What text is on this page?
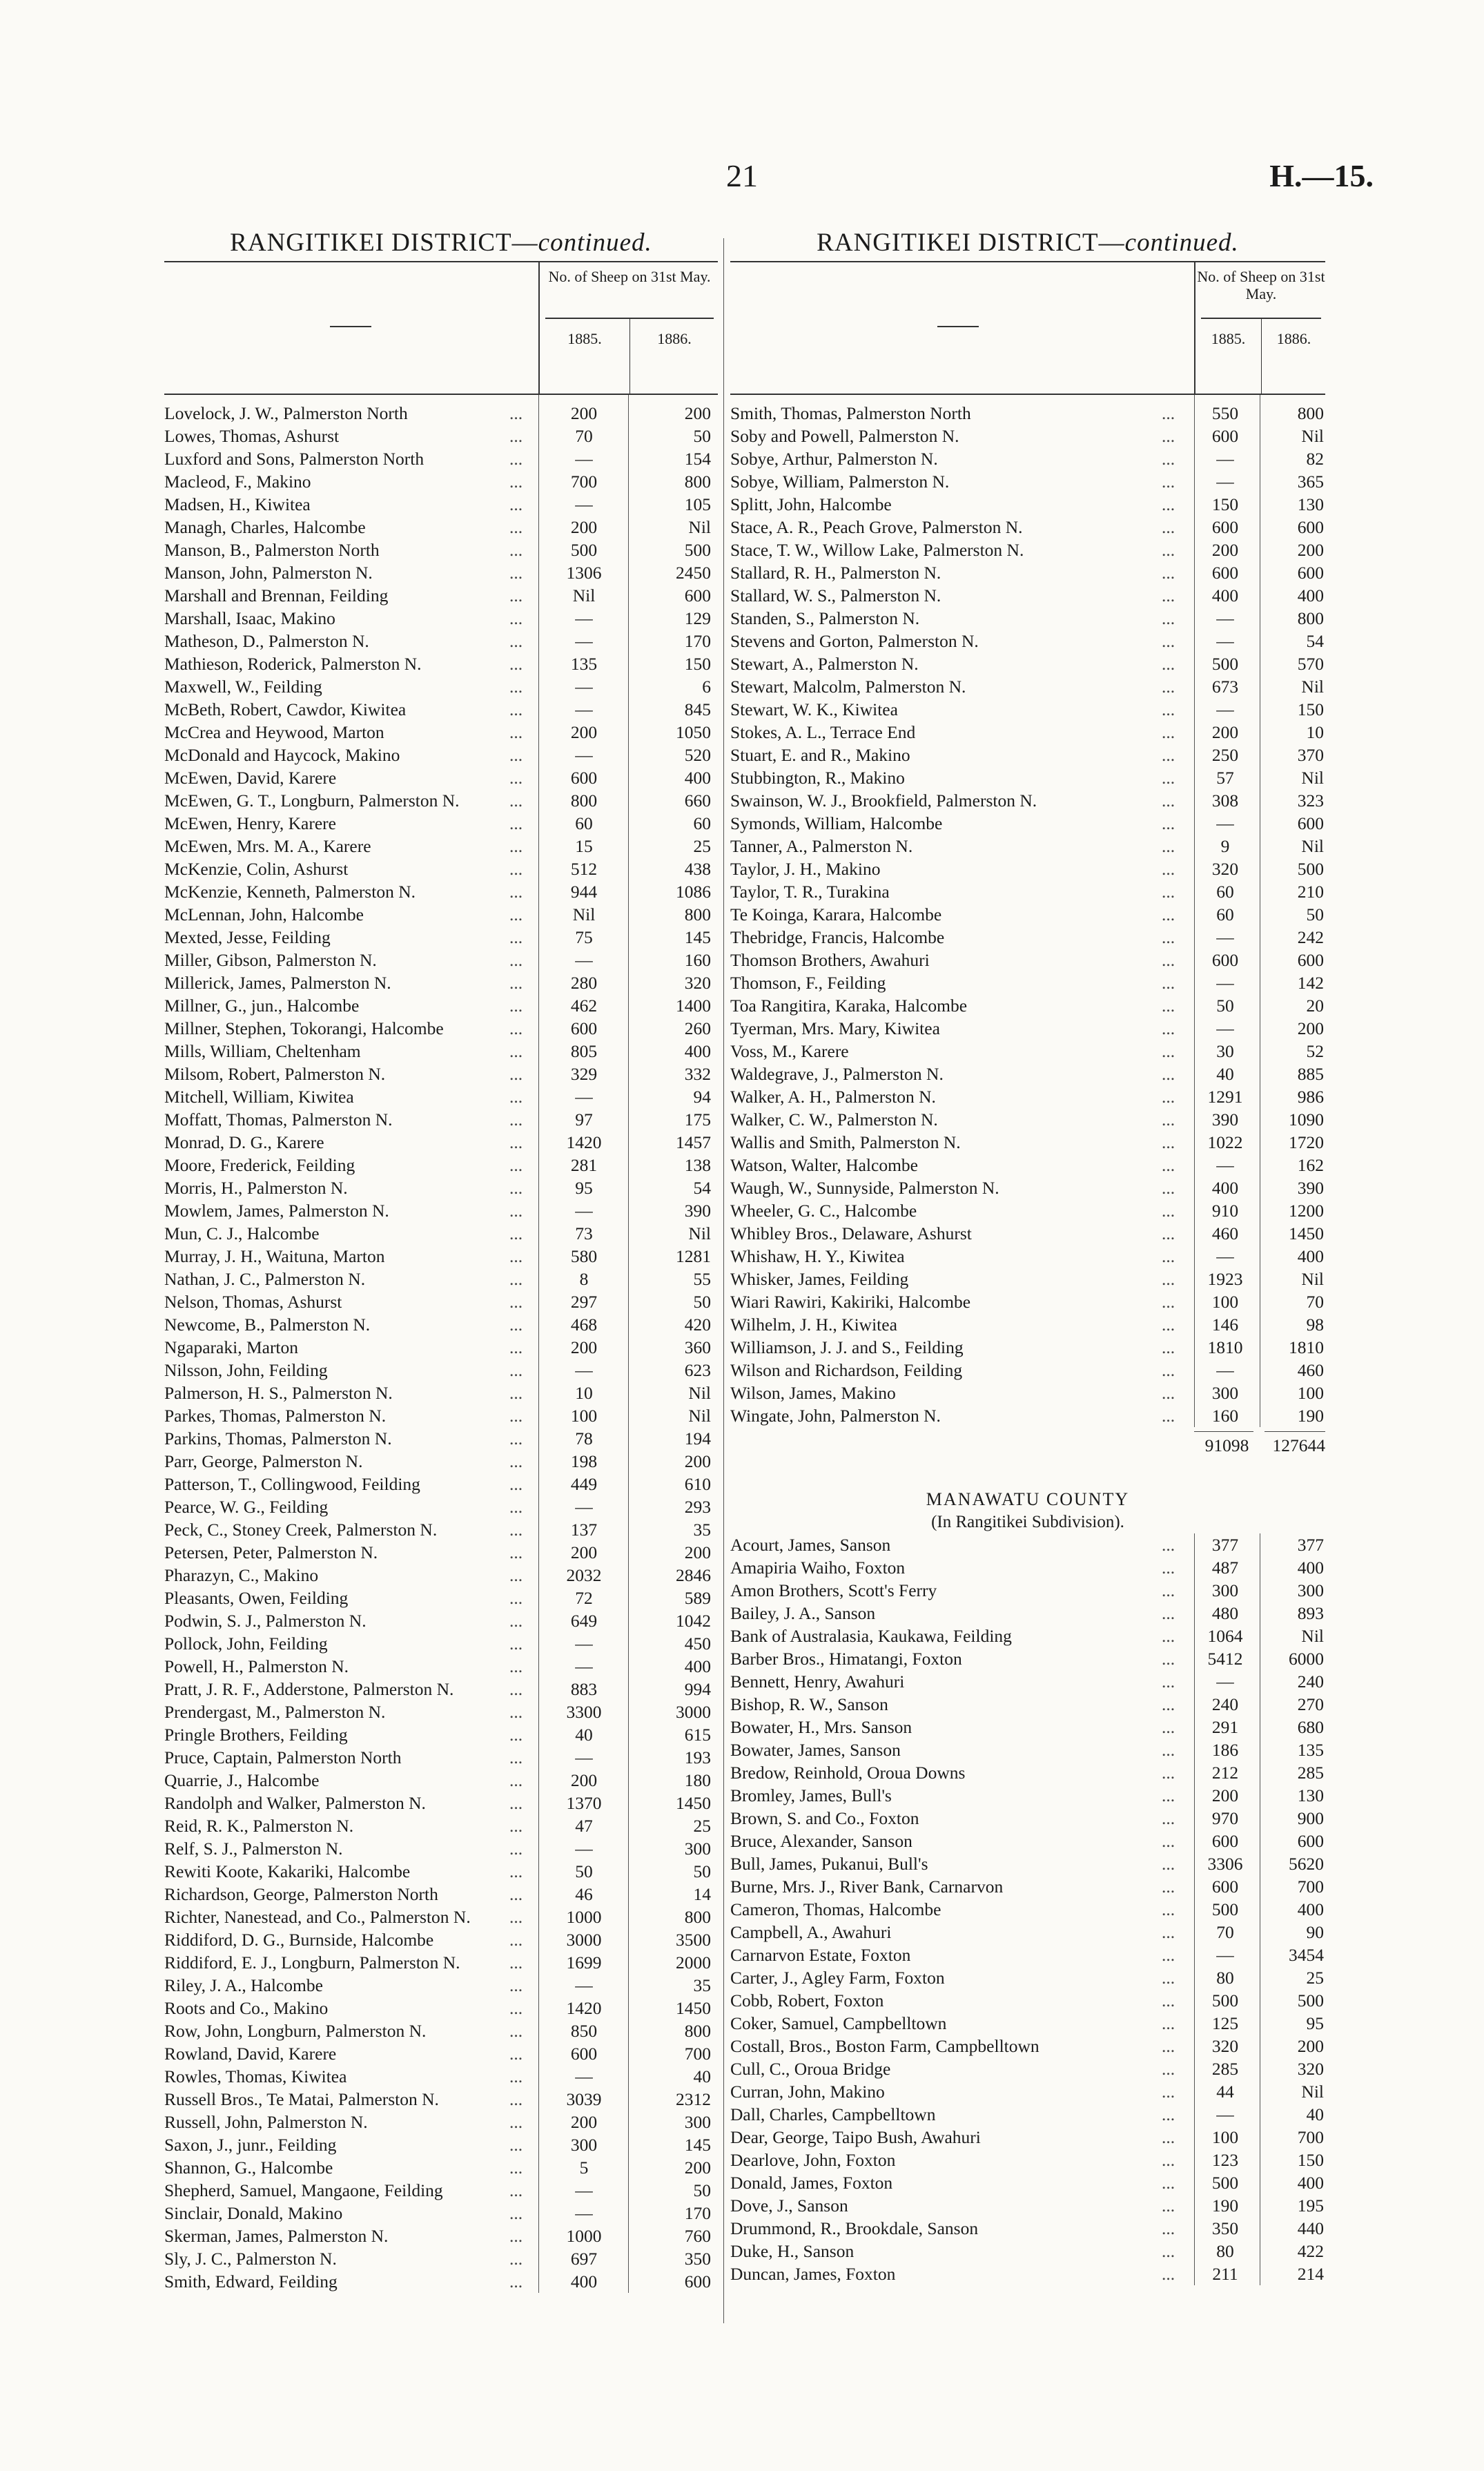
21	H.—15.
RANGITIKEI DISTRICT—continued.
No. of Sheep on 31st May.
1885.	1886.
Lovelock, J. W., Palmerston North	...	200	200
Lowes, Thomas, Ashurst	...	70	50
Luxford and Sons, Palmerston North	...	—	154
Macleod, F., Makino	...	700	800
Madsen, H., Kiwitea	...	—	105
Managh, Charles, Halcombe	...	200	Nil
Manson, B., Palmerston North	...	500	500
Manson, John, Palmerston N.	...	1306	2450
Marshall and Brennan, Feilding	...	Nil	600
Marshall, Isaac, Makino	...	—	129
Matheson, D., Palmerston N.	...	—	170
Mathieson, Roderick, Palmerston N.	...	135	150
Maxwell, W., Feilding	...	—	6
McBeth, Robert, Cawdor, Kiwitea	...	—	845
McCrea and Heywood, Marton	...	200	1050
McDonald and Haycock, Makino	...	—	520
McEwen, David, Karere	...	600	400
McEwen, G. T., Longburn, Palmerston N.	...	800	660
McEwen, Henry, Karere	...	60	60
McEwen, Mrs. M. A., Karere	...	15	25
McKenzie, Colin, Ashurst	...	512	438
McKenzie, Kenneth, Palmerston N.	...	944	1086
McLennan, John, Halcombe	...	Nil	800
Mexted, Jesse, Feilding	...	75	145
Miller, Gibson, Palmerston N.	...	—	160
Millerick, James, Palmerston N.	...	280	320
Millner, G., jun., Halcombe	...	462	1400
Millner, Stephen, Tokorangi, Halcombe	...	600	260
Mills, William, Cheltenham	...	805	400
Milsom, Robert, Palmerston N.	...	329	332
Mitchell, William, Kiwitea	...	—	94
Moffatt, Thomas, Palmerston N.	...	97	175
Monrad, D. G., Karere	...	1420	1457
Moore, Frederick, Feilding	...	281	138
Morris, H., Palmerston N.	...	95	54
Mowlem, James, Palmerston N.	...	—	390
Mun, C. J., Halcombe	...	73	Nil
Murray, J. H., Waituna, Marton	...	580	1281
Nathan, J. C., Palmerston N.	...	8	55
Nelson, Thomas, Ashurst	...	297	50
Newcome, B., Palmerston N.	...	468	420
Ngaparaki, Marton	...	200	360
Nilsson, John, Feilding	...	—	623
Palmerson, H. S., Palmerston N.	...	10	Nil
Parkes, Thomas, Palmerston N.	...	100	Nil
Parkins, Thomas, Palmerston N.	...	78	194
Parr, George, Palmerston N.	...	198	200
Patterson, T., Collingwood, Feilding	...	449	610
Pearce, W. G., Feilding	...	—	293
Peck, C., Stoney Creek, Palmerston N.	...	137	35
Petersen, Peter, Palmerston N.	...	200	200
Pharazyn, C., Makino	...	2032	2846
Pleasants, Owen, Feilding	...	72	589
Podwin, S. J., Palmerston N.	...	649	1042
Pollock, John, Feilding	...	—	450
Powell, H., Palmerston N.	...	—	400
Pratt, J. R. F., Adderstone, Palmerston N.	...	883	994
Prendergast, M., Palmerston N.	...	3300	3000
Pringle Brothers, Feilding	...	40	615
Pruce, Captain, Palmerston North	...	—	193
Quarrie, J., Halcombe	...	200	180
Randolph and Walker, Palmerston N.	...	1370	1450
Reid, R. K., Palmerston N.	...	47	25
Relf, S. J., Palmerston N.	...	—	300
Rewiti Koote, Kakariki, Halcombe	...	50	50
Richardson, George, Palmerston North	...	46	14
Richter, Nanestead, and Co., Palmerston N. ...	1000	800
Riddiford, D. G., Burnside, Halcombe	...	3000	3500
Riddiford, E. J., Longburn, Palmerston N.	...	1699	2000
Riley, J. A., Halcombe	...	—	35
Roots and Co., Makino	...	1420	1450
Row, John, Longburn, Palmerston N.	...	850	800
Rowland, David, Karere	...	600	700
Rowles, Thomas, Kiwitea	...	—	40
Russell Bros., Te Matai, Palmerston N.	...	3039	2312
Russell, John, Palmerston N.	...	200	300
Saxon, J., junr., Feilding	...	300	145
Shannon, G., Halcombe	...	5	200
Shepherd, Samuel, Mangaone, Feilding	...	—	50
Sinclair, Donald, Makino	...	—	170
Skerman, James, Palmerston N.	...	1000	760
Sly, J. C., Palmerston N.	...	697	350
Smith, Edward, Feilding	...	400	600
RANGITIKEI DISTRICT—continued.
No. of Sheep on 31st May.
1885.	1886.
Smith, Thomas, Palmerston North	...	550	800
Soby and Powell, Palmerston N.	...	600	Nil
Sobye, Arthur, Palmerston N.	...	—	82
Sobye, William, Palmerston N.	...	—	365
Splitt, John, Halcombe	...	150	130
Stace, A. R., Peach Grove, Palmerston N.	...	600	600
Stace, T. W., Willow Lake, Palmerston N.	...	200	200
Stallard, R. H., Palmerston N.	...	600	600
Stallard, W. S., Palmerston N.	...	400	400
Standen, S., Palmerston N.	...	—	800
Stevens and Gorton, Palmerston N.	...	—	54
Stewart, A., Palmerston N.	...	500	570
Stewart, Malcolm, Palmerston N.	...	673	Nil
Stewart, W. K., Kiwitea	...	—	150
Stokes, A. L., Terrace End	...	200	10
Stuart, E. and R., Makino	...	250	370
Stubbington, R., Makino	...	57	Nil
Swainson, W. J., Brookfield, Palmerston N.	...	308	323
Symonds, William, Halcombe	...	—	600
Tanner, A., Palmerston N.	...	9	Nil
Taylor, J. H., Makino	...	320	500
Taylor, T. R., Turakina	...	60	210
Te Koinga, Karara, Halcombe	...	60	50
Thebridge, Francis, Halcombe	...	—	242
Thomson Brothers, Awahuri	...	600	600
Thomson, F., Feilding	...	—	142
Toa Rangitira, Karaka, Halcombe	...	50	20
Tyerman, Mrs. Mary, Kiwitea	...	—	200
Voss, M., Karere	...	30	52
Waldegrave, J., Palmerston N.	...	40	885
Walker, A. H., Palmerston N.	...	1291	986
Walker, C. W., Palmerston N.	...	390	1090
Wallis and Smith, Palmerston N.	...	1022	1720
Watson, Walter, Halcombe	...	—	162
Waugh, W., Sunnyside, Palmerston N.	...	400	390
Wheeler, G. C., Halcombe	...	910	1200
Whibley Bros., Delaware, Ashurst	...	460	1450
Whishaw, H. Y., Kiwitea	...	—	400
Whisker, James, Feilding	...	1923	Nil
Wiari Rawiri, Kakiriki, Halcombe	...	100	70
Wilhelm, J. H., Kiwitea	...	146	98
Williamson, J. J. and S., Feilding	...	1810	1810
Wilson and Richardson, Feilding	...	—	460
Wilson, James, Makino	...	300	100
Wingate, John, Palmerston N.	...	160	190
91098	127644
MANAWATU COUNTY
(In Rangitikei Subdivision).
Acourt, James, Sanson	...	377	377
Amapiria Waiho, Foxton	...	487	400
Amon Brothers, Scott's Ferry	...	300	300
Bailey, J. A., Sanson	...	480	893
Bank of Australasia, Kaukawa, Feilding	...	1064	Nil
Barber Bros., Himatangi, Foxton	...	5412	6000
Bennett, Henry, Awahuri	...	—	240
Bishop, R. W., Sanson	...	240	270
Bowater, H., Mrs. Sanson	...	291	680
Bowater, James, Sanson	...	186	135
Bredow, Reinhold, Oroua Downs	...	212	285
Bromley, James, Bull's	...	200	130
Brown, S. and Co., Foxton	...	970	900
Bruce, Alexander, Sanson	...	600	600
Bull, James, Pukanui, Bull's	...	3306	5620
Burne, Mrs. J., River Bank, Carnarvon	...	600	700
Cameron, Thomas, Halcombe	...	500	400
Campbell, A., Awahuri	...	70	90
Carnarvon Estate, Foxton	...	—	3454
Carter, J., Agley Farm, Foxton	...	80	25
Cobb, Robert, Foxton	...	500	500
Coker, Samuel, Campbelltown	...	125	95
Costall, Bros., Boston Farm, Campbelltown	...	320	200
Cull, C., Oroua Bridge	...	285	320
Curran, John, Makino	...	44	Nil
Dall, Charles, Campbelltown	...	—	40
Dear, George, Taipo Bush, Awahuri	...	100	700
Dearlove, John, Foxton	...	123	150
Donald, James, Foxton	...	500	400
Dove, J., Sanson	...	190	195
Drummond, R., Brookdale, Sanson	...	350	440
Duke, H., Sanson	...	80	422
Duncan, James, Foxton	...	211	214
